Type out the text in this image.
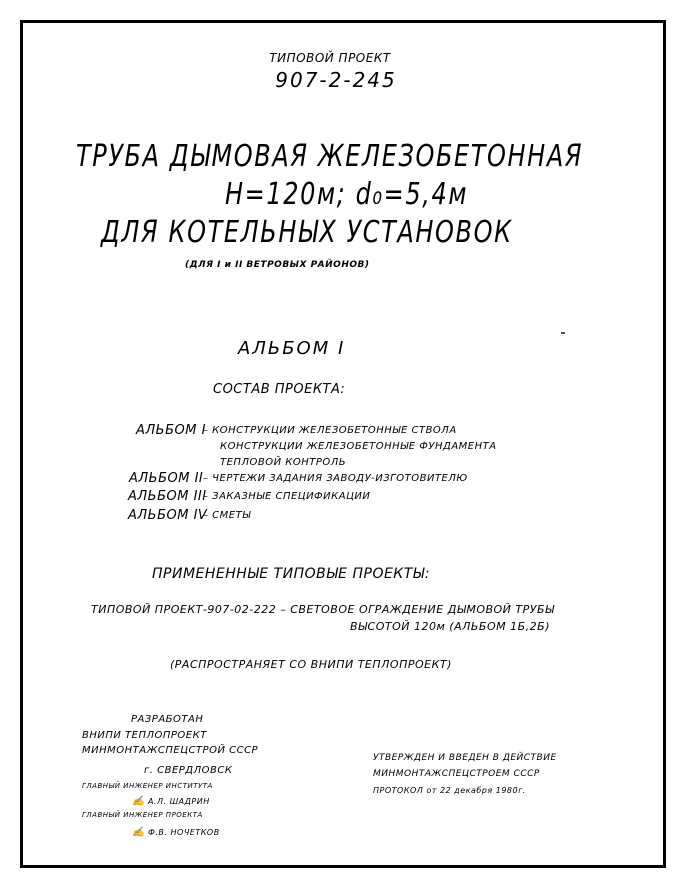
ТИПОВОЙ ПРОЕКТ
907-2-245
ТРУБА ДЫМОВАЯ ЖЕЛЕЗОБЕТОННАЯ
H=120м; d₀=5,4м
ДЛЯ КОТЕЛЬНЫХ УСТАНОВОК
(ДЛЯ I и II ВЕТРОВЫХ РАЙОНОВ)
АЛЬБОМ I
СОСТАВ ПРОЕКТА:
АЛЬБОМ I
– КОНСТРУКЦИИ ЖЕЛЕЗОБЕТОННЫЕ СТВОЛА
КОНСТРУКЦИИ ЖЕЛЕЗОБЕТОННЫЕ ФУНДАМЕНТА
ТЕПЛОВОЙ КОНТРОЛЬ
АЛЬБОМ II – ЧЕРТЕЖИ ЗАДАНИЯ ЗАВОДУ-ИЗГОТОВИТЕЛЮ
АЛЬБОМ III
– ЗАКАЗНЫЕ СПЕЦИФИКАЦИИ
АЛЬБОМ IV
– СМЕТЫ
ПРИМЕНЕННЫЕ ТИПОВЫЕ ПРОЕКТЫ:
ТИПОВОЙ ПРОЕКТ-907-02-222 – СВЕТОВОЕ ОГРАЖДЕНИЕ ДЫМОВОЙ ТРУБЫ
ВЫСОТОЙ 120м (АЛЬБОМ 1Б,2Б)
(РАСПРОСТРАНЯЕТ СО ВНИПИ ТЕПЛОПРОЕКТ)
РАЗРАБОТАН
ВНИПИ ТЕПЛОПРОЕКТ
МИНМОНТАЖСПЕЦСТРОЙ СССР
г. СВЕРДЛОВСК
ГЛАВНЫЙ ИНЖЕНЕР ИНСТИТУТА
✍ А.Л. ШАДРИН
ГЛАВНЫЙ ИНЖЕНЕР ПРОЕКТА
✍ Ф.В. НОЧЕТКОВ
УТВЕРЖДЕН И ВВЕДЕН В ДЕЙСТВИЕ
МИНМОНТАЖСПЕЦСТРОЕМ СССР
ПРОТОКОЛ от 22 декабря 1980г.
